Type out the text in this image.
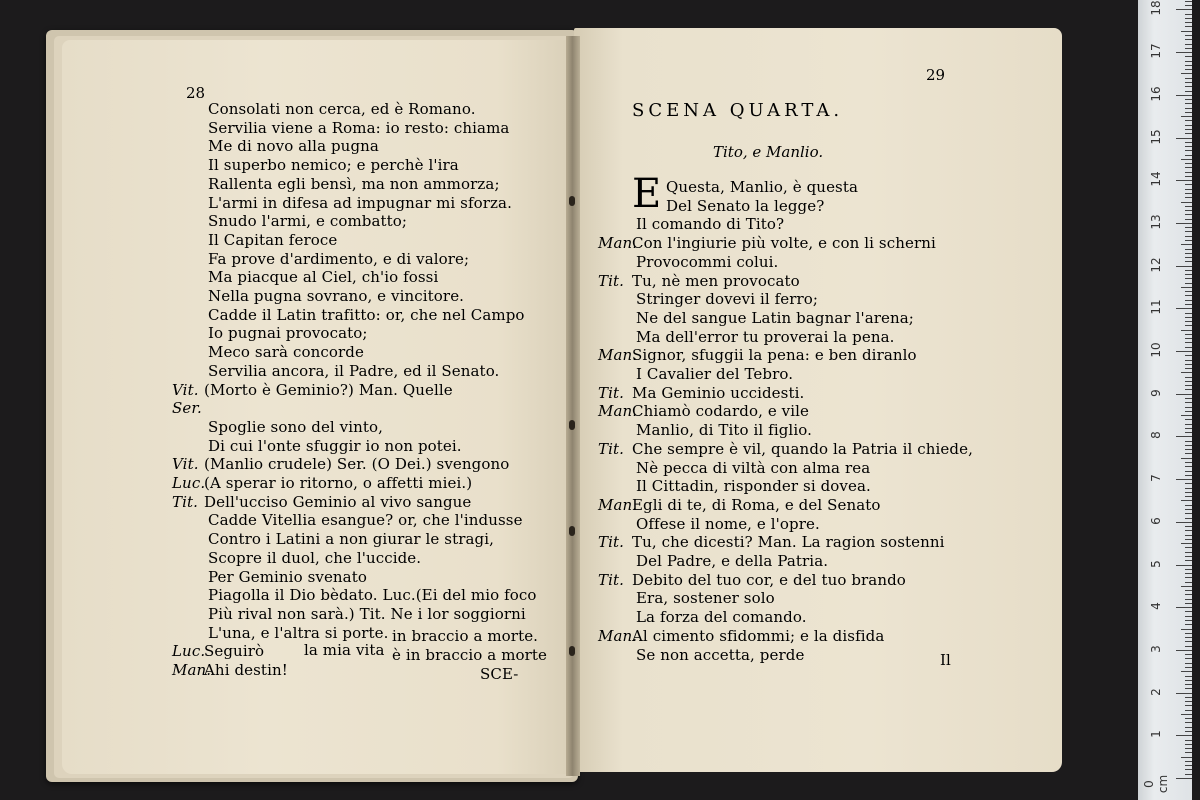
28
Consolati non cerca, ed è Romano.
Servilia viene a Roma: io resto: chiama
Me di novo alla pugna
Il superbo nemico; e perchè l'ira
Rallenta egli bensì, ma non ammorza;
L'armi in difesa ad impugnar mi sforza.
Snudo l'armi, e combatto;
Il Capitan feroce
Fa prove d'ardimento, e di valore;
Ma piacque al Ciel, ch'io fossi
Nella pugna sovrano, e vincitore.
Cadde il Latin trafitto: or, che nel Campo
Io pugnai provocato;
Meco sarà concorde
Servilia ancora, il Padre, ed il Senato.
Vit. (Morto è Geminio?) Man. Quelle
Ser.
Spoglie sono del vinto,
Di cui l'onte sfuggir io non potei.
Vit. (Manlio crudele) Ser. (O Dei.) svengono
Luc.
(A sperar io ritorno, o affetti miei.)
Tit. Dell'ucciso Geminio al vivo sangue
Cadde Vitellia esangue? or, che l'indusse
Contro i Latini a non giurar le stragi,
Scopre il duol, che l'uccide.
Per Geminio svenato
Piagolla il Dio bèdato. Luc.(Ei del mio foco
Più rival non sarà.) Tit. Ne i lor soggiorni
L'una, e l'altra si porte.
Luc.
Seguirò
Man.
Ahi destin!
la mia vita
in braccio a morte.
è in braccio a morte
SCE-
29
SCENA QUARTA.
Tito, e Manlio.
E Questa, Manlio, è questa
Del Senato la legge?
Il comando di Tito?
Man.
Con l'ingiurie più volte, e con li scherni
Provocommi colui.
Tit. Tu, nè men provocato
Stringer dovevi il ferro;
Ne del sangue Latin bagnar l'arena;
Ma dell'error tu proverai la pena.
Man.
Signor, sfuggii la pena: e ben diranlo
I Cavalier del Tebro.
Tit. Ma Geminio uccidesti.
Man.
Chiamò codardo, e vile
Manlio, di Tito il figlio.
Tit. Che sempre è vil, quando la Patria il chiede,
Nè pecca di viltà con alma rea
Il Cittadin, risponder si dovea.
Man.
Egli di te, di Roma, e del Senato
Offese il nome, e l'opre.
Tit. Tu, che dicesti? Man. La ragion sostenni
Del Padre, e della Patria.
Tit. Debito del tuo cor, e del tuo brando
Era, sostener solo
La forza del comando.
Man.
Al cimento sfidommi; e la disfida
Se non accetta, perde	Il
0 cm
1
2
3
4
5
6
7
8
9
10
11
12
13
14
15
16
17
18
